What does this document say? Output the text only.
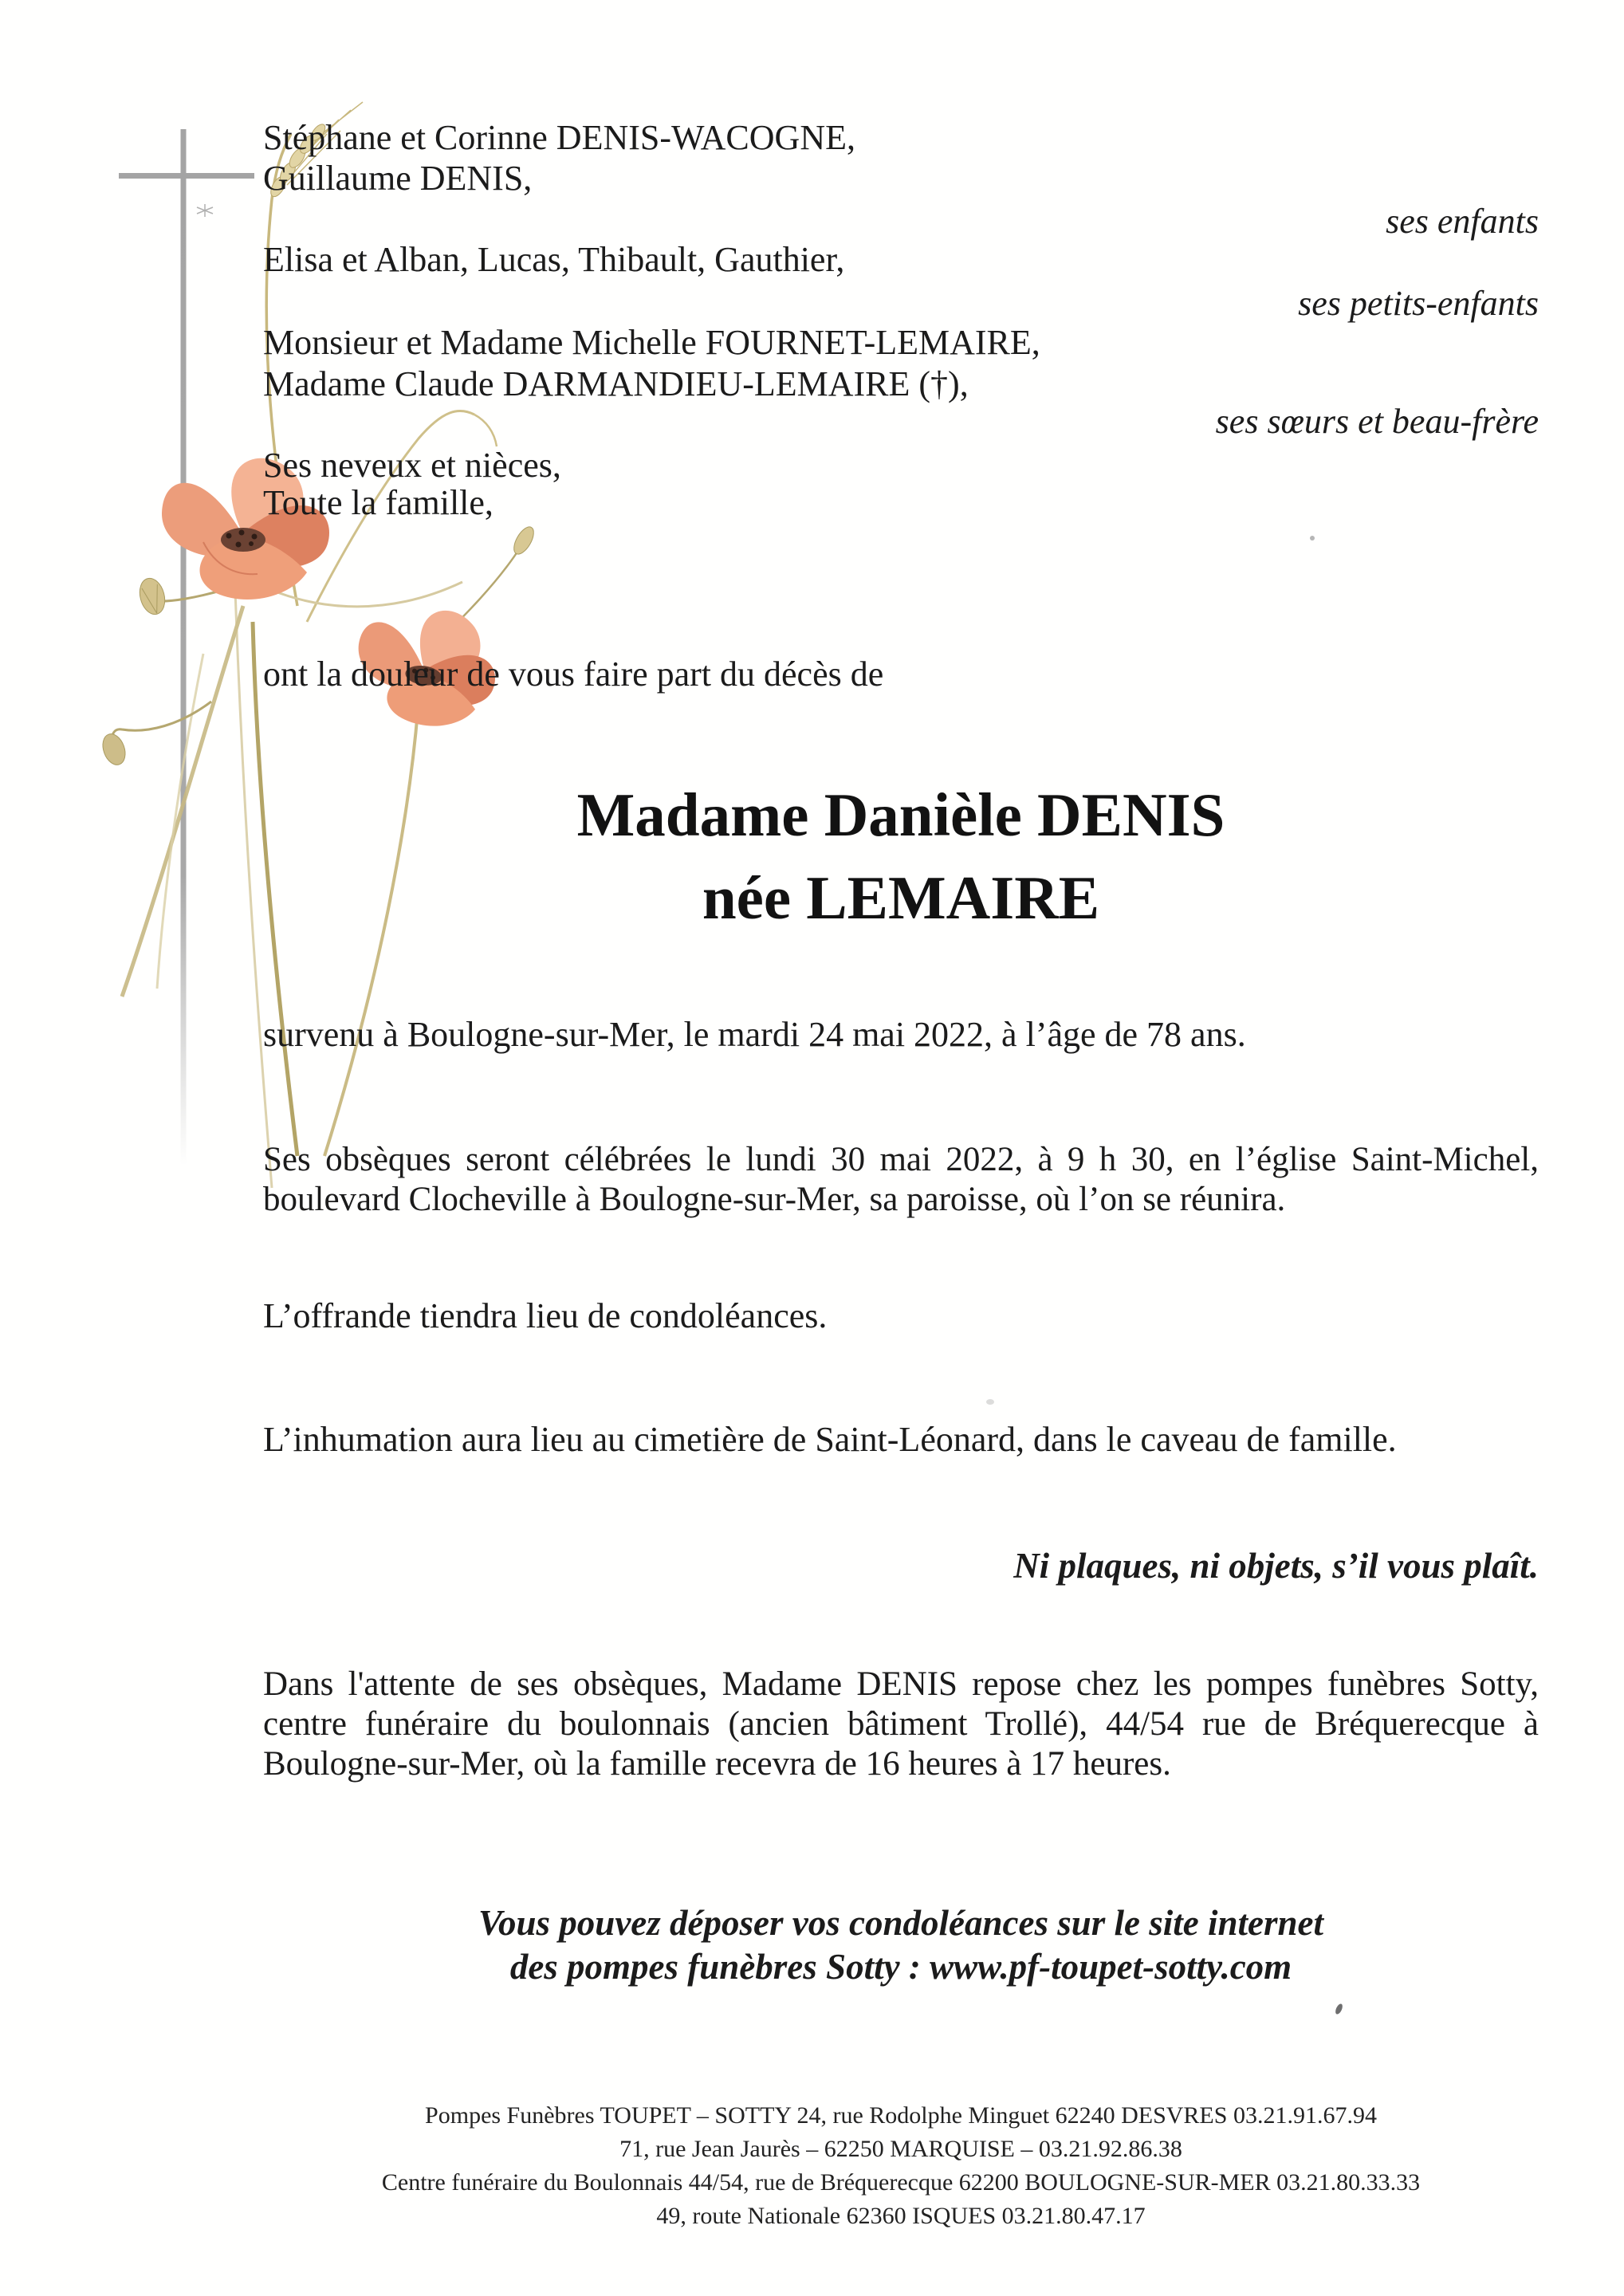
Stéphane et Corinne DENIS-WACOGNE,
Guillaume DENIS,
ses enfants
Elisa et Alban, Lucas, Thibault, Gauthier,
ses petits-enfants
Monsieur et Madame Michelle FOURNET-LEMAIRE,
Madame Claude DARMANDIEU-LEMAIRE (†),
ses sœurs et beau-frère
Ses neveux et nièces,
Toute la famille,
ont la douleur de vous faire part du décès de
Madame Danièle DENIS
née LEMAIRE
survenu à Boulogne-sur-Mer, le mardi 24 mai 2022, à l’âge de 78 ans.
Ses obsèques seront célébrées le lundi 30 mai 2022, à 9 h 30, en l’église Saint-Michel,
boulevard Clocheville à Boulogne-sur-Mer, sa paroisse, où l’on se réunira.
L’offrande tiendra lieu de condoléances.
L’inhumation aura lieu au cimetière de Saint-Léonard, dans le caveau de famille.
Ni plaques, ni objets, s’il vous plaît.
Dans l'attente de ses obsèques, Madame DENIS repose chez les pompes funèbres Sotty,
centre funéraire du boulonnais (ancien bâtiment Trollé), 44/54 rue de Bréquerecque à
Boulogne-sur-Mer, où la famille recevra de 16 heures à 17 heures.
Vous pouvez déposer vos condoléances sur le site internet
des pompes funèbres Sotty : www.pf-toupet-sotty.com
Pompes Funèbres TOUPET – SOTTY 24, rue Rodolphe Minguet 62240 DESVRES 03.21.91.67.94
71, rue Jean Jaurès – 62250 MARQUISE – 03.21.92.86.38
Centre funéraire du Boulonnais 44/54, rue de Bréquerecque 62200 BOULOGNE-SUR-MER 03.21.80.33.33
49, route Nationale 62360 ISQUES 03.21.80.47.17
